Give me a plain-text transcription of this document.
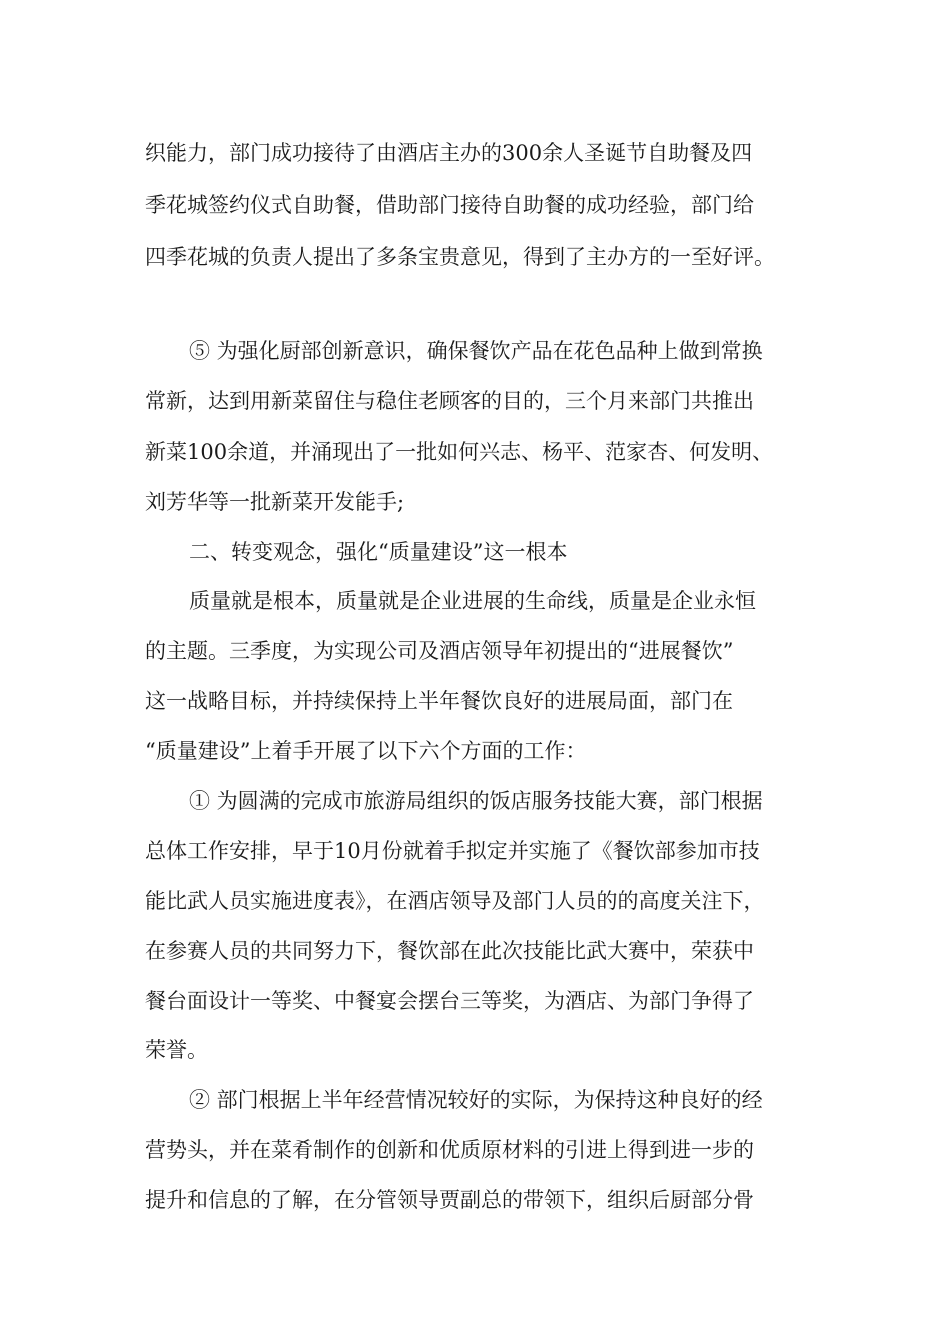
织能力，部门成功接待了由酒店主办的300余人圣诞节自助餐及四
季花城签约仪式自助餐，借助部门接待自助餐的成功经验，部门给
四季花城的负责人提出了多条宝贵意见，得到了主办方的一至好评。
⑤ 为强化厨部创新意识，确保餐饮产品在花色品种上做到常换
常新，达到用新菜留住与稳住老顾客的目的，三个月来部门共推出
新菜100余道，并涌现出了一批如何兴志、杨平、范家杏、何发明、
刘芳华等一批新菜开发能手;
二、转变观念，强化“质量建设”这一根本
质量就是根本，质量就是企业进展的生命线，质量是企业永恒
的主题。三季度，为实现公司及酒店领导年初提出的“进展餐饮”
这一战略目标，并持续保持上半年餐饮良好的进展局面，部门在
“质量建设”上着手开展了以下六个方面的工作：
① 为圆满的完成市旅游局组织的饭店服务技能大赛，部门根据
总体工作安排，早于10月份就着手拟定并实施了《餐饮部参加市技
能比武人员实施进度表》，在酒店领导及部门人员的的高度关注下，
在参赛人员的共同努力下，餐饮部在此次技能比武大赛中，荣获中
餐台面设计一等奖、中餐宴会摆台三等奖，为酒店、为部门争得了
荣誉。
② 部门根据上半年经营情况较好的实际，为保持这种良好的经
营势头，并在菜肴制作的创新和优质原材料的引进上得到进一步的
提升和信息的了解，在分管领导贾副总的带领下，组织后厨部分骨
